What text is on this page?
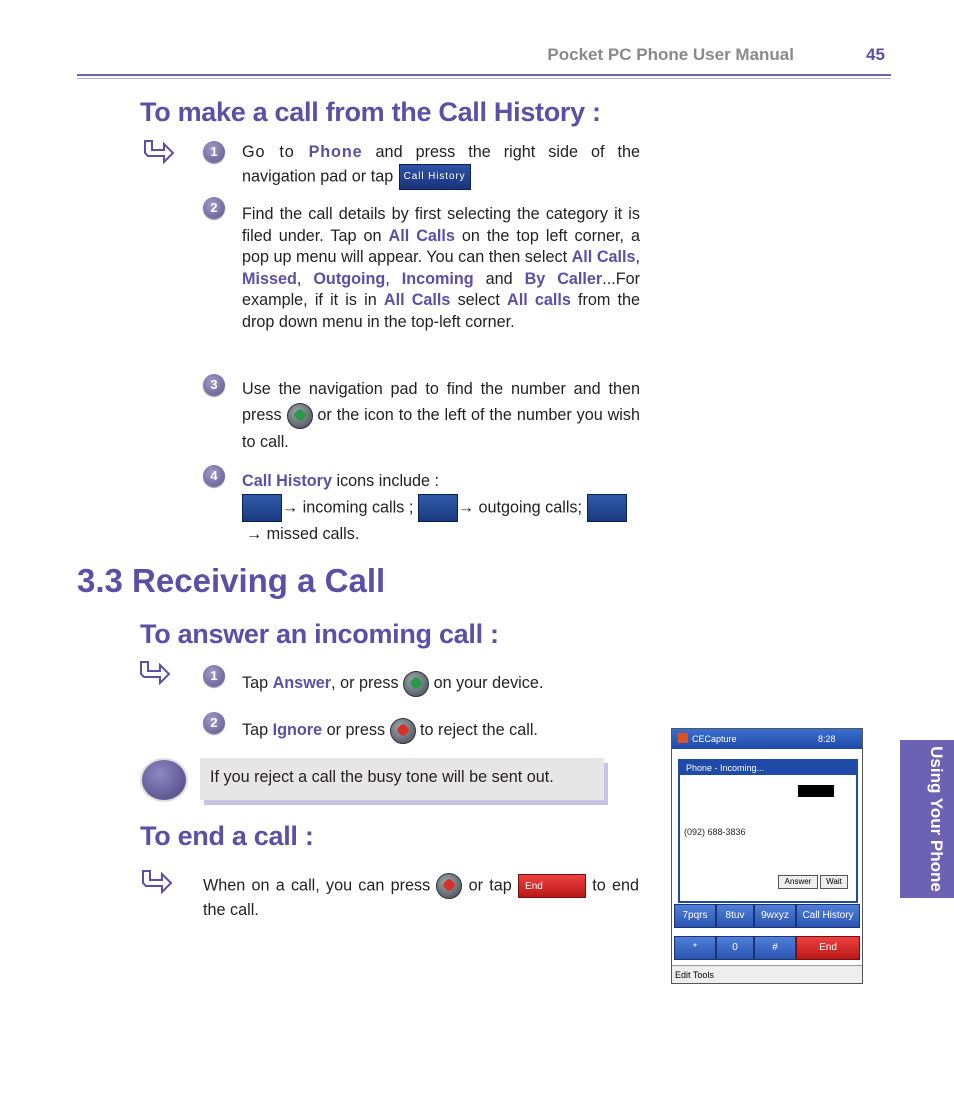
Pocket PC Phone User Manual	45
To make a call from the Call History :
1	Go to Phone and press the right side of the navigation pad or tap Call History
2	Find the call details by first selecting the category it is filed under. Tap on All Calls on the top left corner, a pop up menu will appear. You can then select All Calls, Missed, Outgoing, Incoming and By Caller...For example, if it is in All Calls select All calls from the drop down menu in the top-left corner.
3	Use the navigation pad to find the number and then press  or the icon to the left of the number you wish to call.
4	Call History icons include :
→ incoming calls ;	→ outgoing calls;
→ missed calls.
3.3 Receiving a Call
To answer an incoming call :
1	Tap Answer, or press  on your device.
2	Tap Ignore or press  to reject the call.
If you reject a call the busy tone will be sent out.
To end a call :
When on a call, you can press  or tap End	to end the call.
CECapture	8:28
Phone - Incoming...
(092) 688-3836
Answer	Wait
7pqrs	8tuv	9wxyz	Call History
*	0	#	End
Edit Tools
Using Your Phone
